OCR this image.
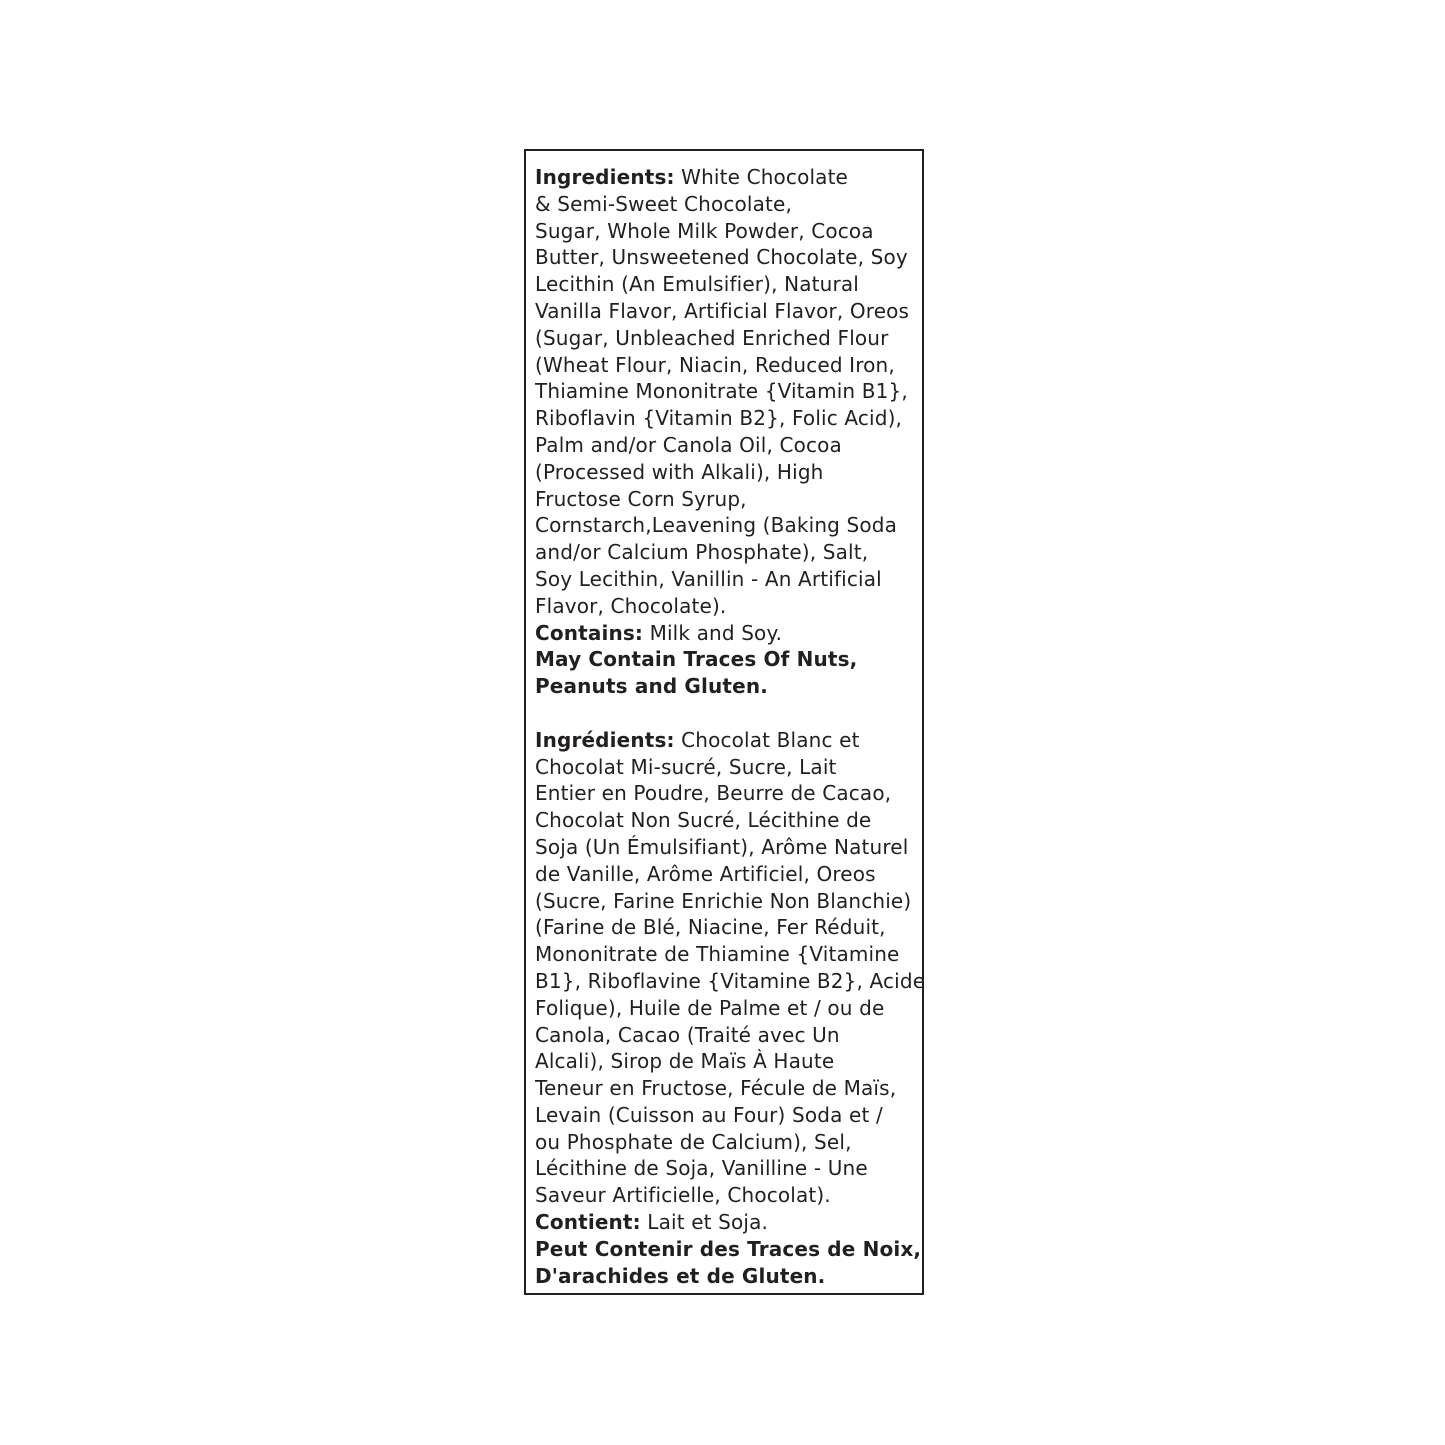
Ingredients: White Chocolate
& Semi-Sweet Chocolate,
Sugar, Whole Milk Powder, Cocoa
Butter, Unsweetened Chocolate, Soy
Lecithin (An Emulsifier), Natural
Vanilla Flavor, Artificial Flavor, Oreos
(Sugar, Unbleached Enriched Flour
(Wheat Flour, Niacin, Reduced Iron,
Thiamine Mononitrate {Vitamin B1},
Riboflavin {Vitamin B2}, Folic Acid),
Palm and/or Canola Oil, Cocoa
(Processed with Alkali), High
Fructose Corn Syrup,
Cornstarch,Leavening (Baking Soda
and/or Calcium Phosphate), Salt,
Soy Lecithin, Vanillin - An Artificial
Flavor, Chocolate).
Contains: Milk and Soy.
May Contain Traces Of Nuts,
Peanuts and Gluten.
Ingrédients: Chocolat Blanc et
Chocolat Mi-sucré, Sucre, Lait
Entier en Poudre, Beurre de Cacao,
Chocolat Non Sucré, Lécithine de
Soja (Un Émulsifiant), Arôme Naturel
de Vanille, Arôme Artificiel, Oreos
(Sucre, Farine Enrichie Non Blanchie)
(Farine de Blé, Niacine, Fer Réduit,
Mononitrate de Thiamine {Vitamine
B1}, Riboflavine {Vitamine B2}, Acide
Folique), Huile de Palme et / ou de
Canola, Cacao (Traité avec Un
Alcali), Sirop de Maïs À Haute
Teneur en Fructose, Fécule de Maïs,
Levain (Cuisson au Four) Soda et /
ou Phosphate de Calcium), Sel,
Lécithine de Soja, Vanilline - Une
Saveur Artificielle, Chocolat).
Contient: Lait et Soja.
Peut Contenir des Traces de Noix,
D'arachides et de Gluten.
